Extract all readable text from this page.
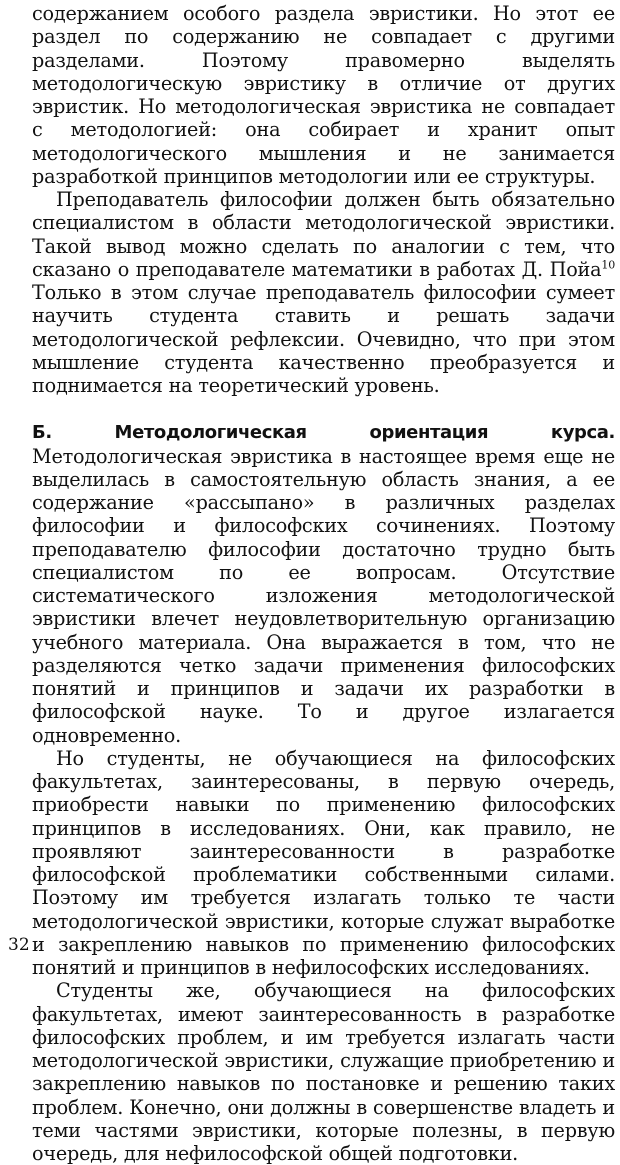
содержанием особого раздела эвристики. Но этот ее раздел по содержанию не совпадает с другими разделами. Поэтому правомерно выделять методологическую эвристику в отличие от других эвристик. Но методологическая эвристика не совпадает с методологией: она собирает и хранит опыт методологического мышления и не занимается разработкой принципов методологии или ее структуры.

Преподаватель философии должен быть обязательно специалистом в области методологической эвристики. Такой вывод можно сделать по аналогии с тем, что сказано о преподавателе математики в работах Д. Пойа$^{10}$ Только в этом случае преподаватель философии сумеет научить студента ставить и решать задачи методологической рефлексии. Очевидно, что при этом мышление студента качественно преобразуется и поднимается на теоретический уровень.

Б. Методологическая ориентация курса. Методологическая эвристика в настоящее время еще не выделилась в самостоятельную область знания, а ее содержание «рассыпано» в различных разделах философии и философских сочинениях. Поэтому преподавателю философии достаточно трудно быть специалистом по ее вопросам. Отсутствие систематического изложения методологической эвристики влечет неудовлетворительную организацию учебного материала. Она выражается в том, что не разделяются четко задачи применения философских понятий и принципов и задачи их разработки в философской науке. То и другое излагается одновременно.

Но студенты, не обучающиеся на философских факультетах, заинтересованы, в первую очередь, приобрести навыки по применению философских принципов в исследованиях. Они, как правило, не проявляют заинтересованности в разработке философской проблематики собственными силами. Поэтому им требуется излагать только те части методологической эвристики, которые служат выработке и закреплению навыков по применению философских понятий и принципов в нефилософских исследованиях.

Студенты же, обучающиеся на философских факультетах, имеют заинтересованность в разработке философских проблем, и им требуется излагать части методологической эвристики, служащие приобретению и закреплению навыков по постановке и решению таких проблем. Конечно, они должны в совершенстве владеть и теми частями эвристики, которые полезны, в первую очередь, для нефилософской общей подготовки.

32
